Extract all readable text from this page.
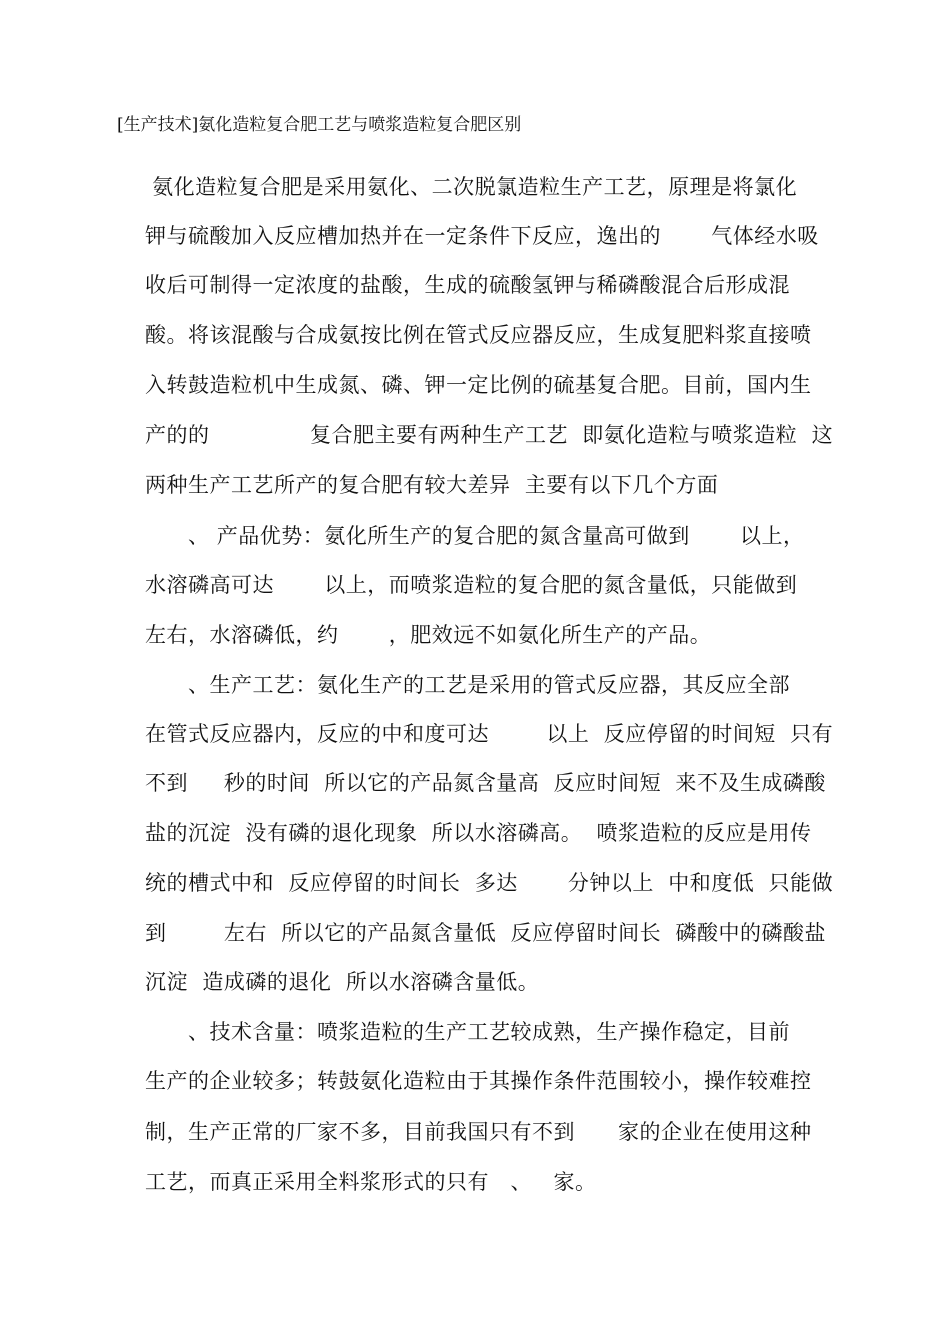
[生产技术]氨化造粒复合肥工艺与喷浆造粒复合肥区别
氨化造粒复合肥是采用氨化、二次脱氯造粒生产工艺，原理是将氯化
钾与硫酸加入反应槽加热并在一定条件下反应，逸出的       气体经水吸
收后可制得一定浓度的盐酸，生成的硫酸氢钾与稀磷酸混合后形成混
酸。将该混酸与合成氨按比例在管式反应器反应，生成复肥料浆直接喷
入转鼓造粒机中生成氮、磷、钾一定比例的硫基复合肥。目前，国内生
产的的              复合肥主要有两种生产工艺  即氨化造粒与喷浆造粒  这
两种生产工艺所产的复合肥有较大差异  主要有以下几个方面
、 产品优势：氨化所生产的复合肥的氮含量高可做到       以上，
水溶磷高可达       以上，而喷浆造粒的复合肥的氮含量低，只能做到
左右，水溶磷低，约       ，肥效远不如氨化所生产的产品。
、生产工艺：氨化生产的工艺是采用的管式反应器，其反应全部
在管式反应器内，反应的中和度可达        以上  反应停留的时间短  只有
不到     秒的时间  所以它的产品氮含量高  反应时间短  来不及生成磷酸
盐的沉淀  没有磷的退化现象  所以水溶磷高。  喷浆造粒的反应是用传
统的槽式中和  反应停留的时间长  多达       分钟以上  中和度低  只能做
到        左右  所以它的产品氮含量低  反应停留时间长  磷酸中的磷酸盐
沉淀  造成磷的退化  所以水溶磷含量低。
、技术含量：喷浆造粒的生产工艺较成熟，生产操作稳定，目前
生产的企业较多；转鼓氨化造粒由于其操作条件范围较小，操作较难控
制，生产正常的厂家不多，目前我国只有不到      家的企业在使用这种
工艺，而真正采用全料浆形式的只有   、   家。
